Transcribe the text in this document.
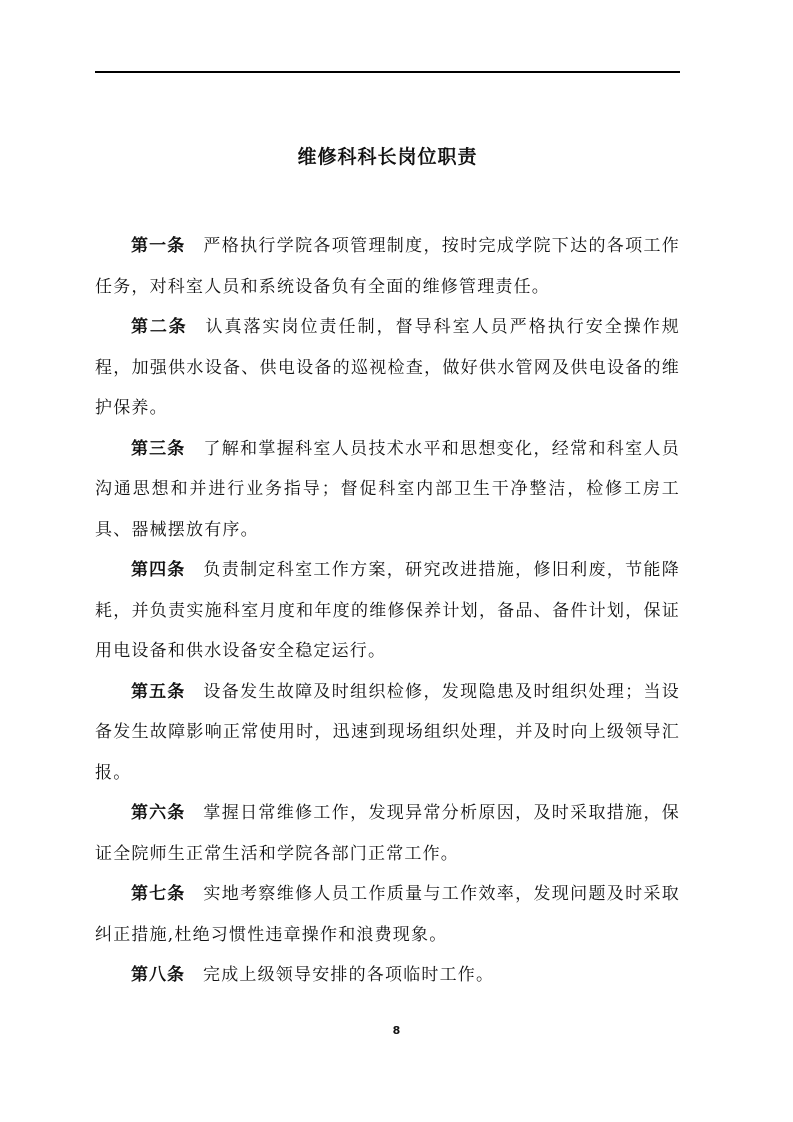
维修科科长岗位职责

第一条 严格执行学院各项管理制度，按时完成学院下达的各项工作任务，对科室人员和系统设备负有全面的维修管理责任。

第二条 认真落实岗位责任制，督导科室人员严格执行安全操作规程，加强供水设备、供电设备的巡视检查，做好供水管网及供电设备的维护保养。

第三条 了解和掌握科室人员技术水平和思想变化，经常和科室人员沟通思想和并进行业务指导；督促科室内部卫生干净整洁，检修工房工具、器械摆放有序。

第四条 负责制定科室工作方案，研究改进措施，修旧利废，节能降耗，并负责实施科室月度和年度的维修保养计划，备品、备件计划，保证用电设备和供水设备安全稳定运行。

第五条 设备发生故障及时组织检修，发现隐患及时组织处理；当设备发生故障影响正常使用时，迅速到现场组织处理，并及时向上级领导汇报。

第六条 掌握日常维修工作，发现异常分析原因，及时采取措施，保证全院师生正常生活和学院各部门正常工作。

第七条 实地考察维修人员工作质量与工作效率，发现问题及时采取纠正措施,杜绝习惯性违章操作和浪费现象。

第八条 完成上级领导安排的各项临时工作。

8
